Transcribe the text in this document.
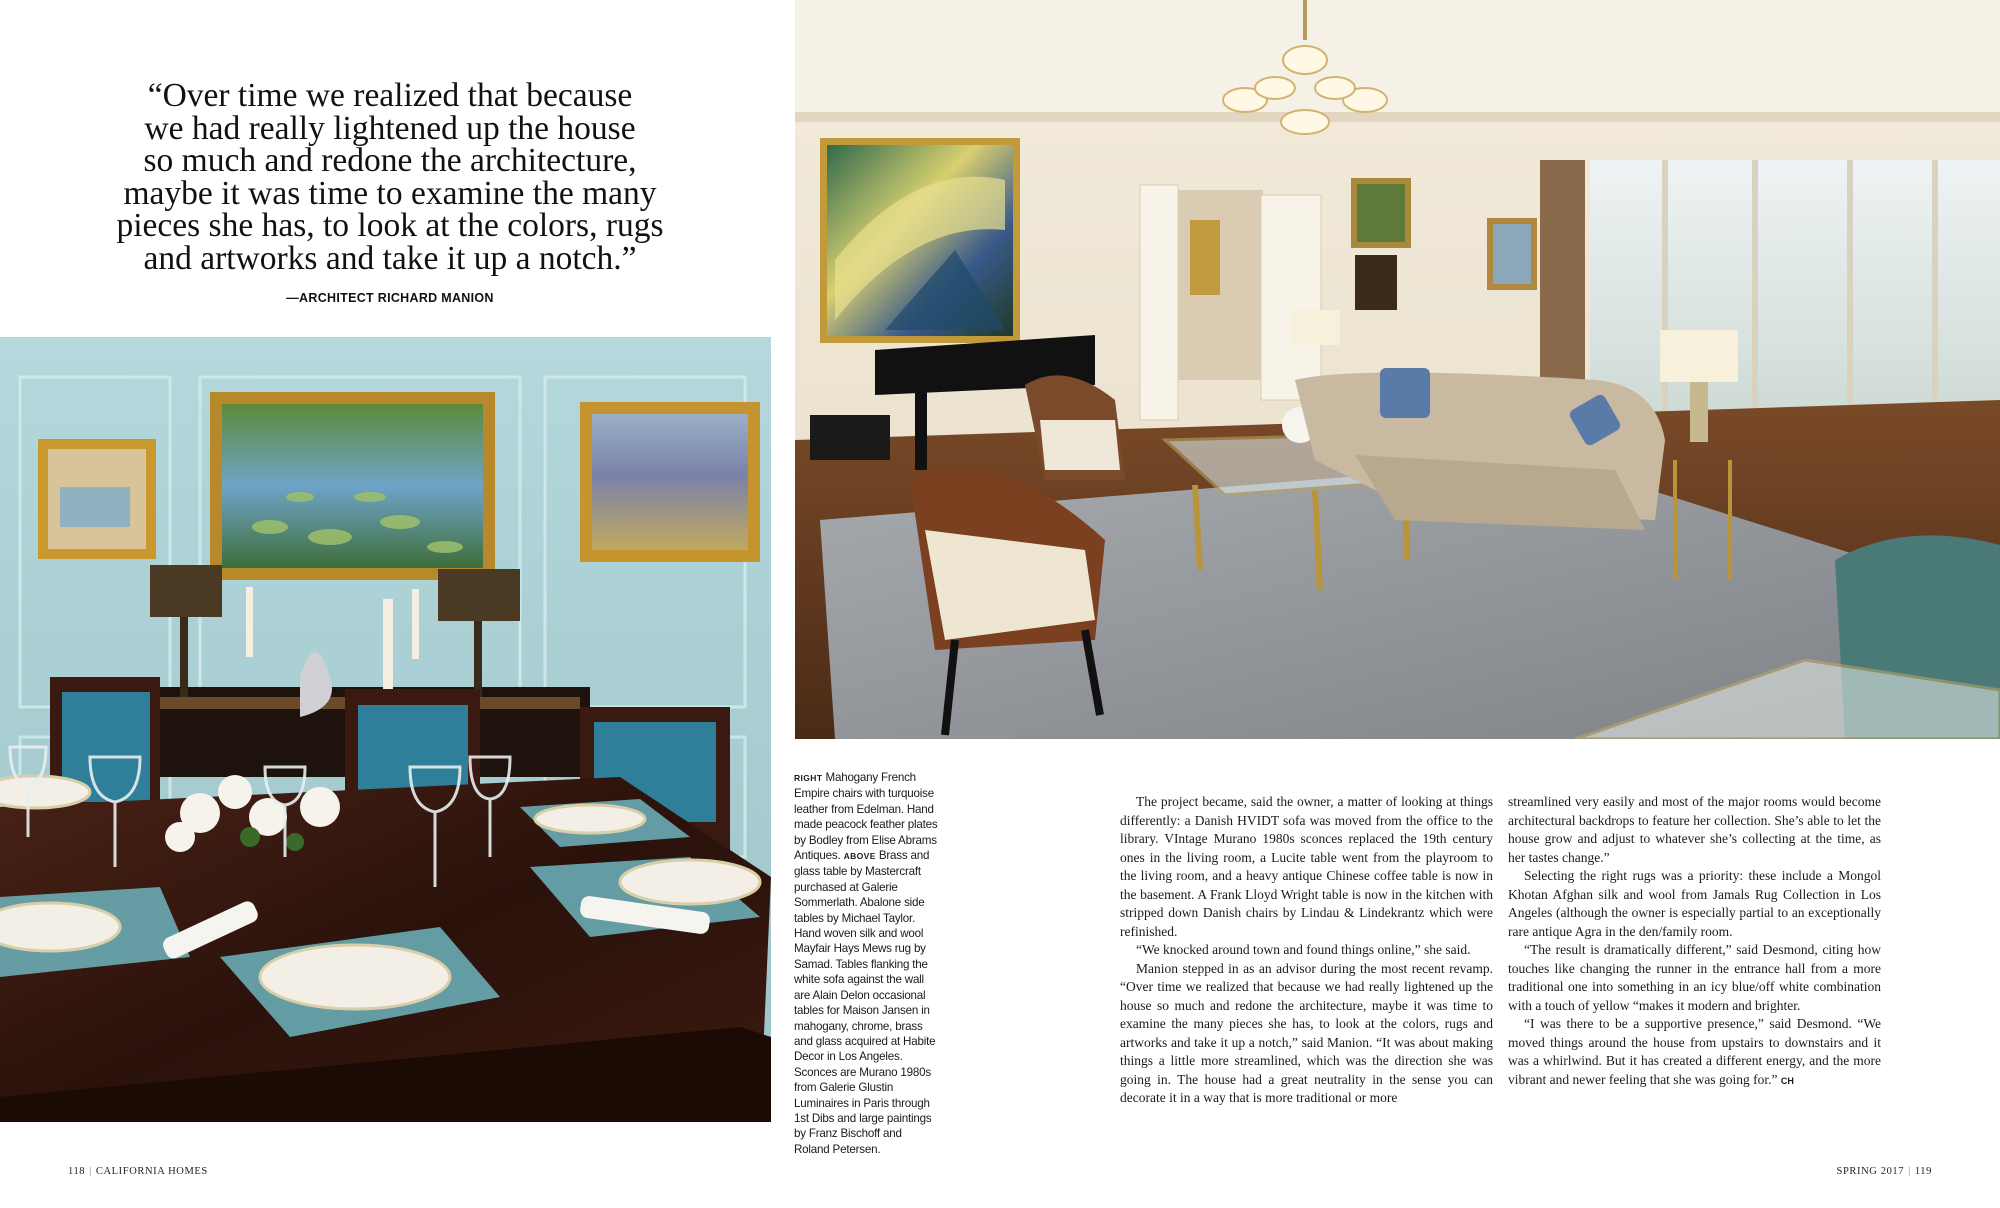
“Over time we realized that because

we had really lightened up the house

so much and redone the architecture,

maybe it was time to examine the many

pieces she has, to look at the colors, rugs

and artworks and take it up a notch.”

—ARCHITECT RICHARD MANION
RIGHT Mahogany French Empire chairs with turquoise leather from Edelman. Hand made peacock feather plates by Bodley from Elise Abrams Antiques. ABOVE Brass and glass table by Mastercraft purchased at Galerie Sommerlath. Abalone side tables by Michael Taylor. Hand woven silk and wool Mayfair Hays Mews rug by Samad. Tables flanking the white sofa against the wall are Alain Delon occasional tables for Maison Jansen in mahogany, chrome, brass and glass acquired at Habite Decor in Los Angeles. Sconces are Murano 1980s from Galerie Glustin Luminaires in Paris through 1st Dibs and large paintings by Franz Bischoff and Roland Petersen.

The project became, said the owner, a matter of looking at things differently: a Danish HVIDT sofa was moved from the office to the library. VIntage Murano 1980s sconces replaced the 19th century ones in the living room, a Lucite table went from the playroom to the living room, and a heavy antique Chinese coffee table is now in the basement. A Frank Lloyd Wright table is now in the kitchen with stripped down Danish chairs by Lindau & Lindekrantz which were refinished.

“We knocked around town and found things online,” she said.

Manion stepped in as an advisor during the most recent revamp. “Over time we realized that because we had really lightened up the house so much and redone the architecture, maybe it was time to examine the many pieces she has, to look at the colors, rugs and artworks and take it up a notch,” said Manion. “It was about making things a little more streamlined, which was the direction she was going in. The house had a great neutrality in the sense you can decorate it in a way that is more traditional or more

streamlined very easily and most of the major rooms would become architectural backdrops to feature her collection. She’s able to let the house grow and adjust to whatever she’s collecting at the time, as her tastes change.”

Selecting the right rugs was a priority: these include a Mongol Khotan Afghan silk and wool from Jamals Rug Collection in Los Angeles (although the owner is especially partial to an exceptionally rare antique Agra in the den/family room.

“The result is dramatically different,” said Desmond, citing how touches like changing the runner in the entrance hall from a more traditional one into something in an icy blue/off white combination with a touch of yellow “makes it modern and brighter.

“I was there to be a supportive presence,” said Desmond. “We moved things around the house from upstairs to downstairs and it was a whirlwind. But it has created a different energy, and the more vibrant and newer feeling that she was going for.” CH

118 | CALIFORNIA HOMES	SPRING 2017 | 119
